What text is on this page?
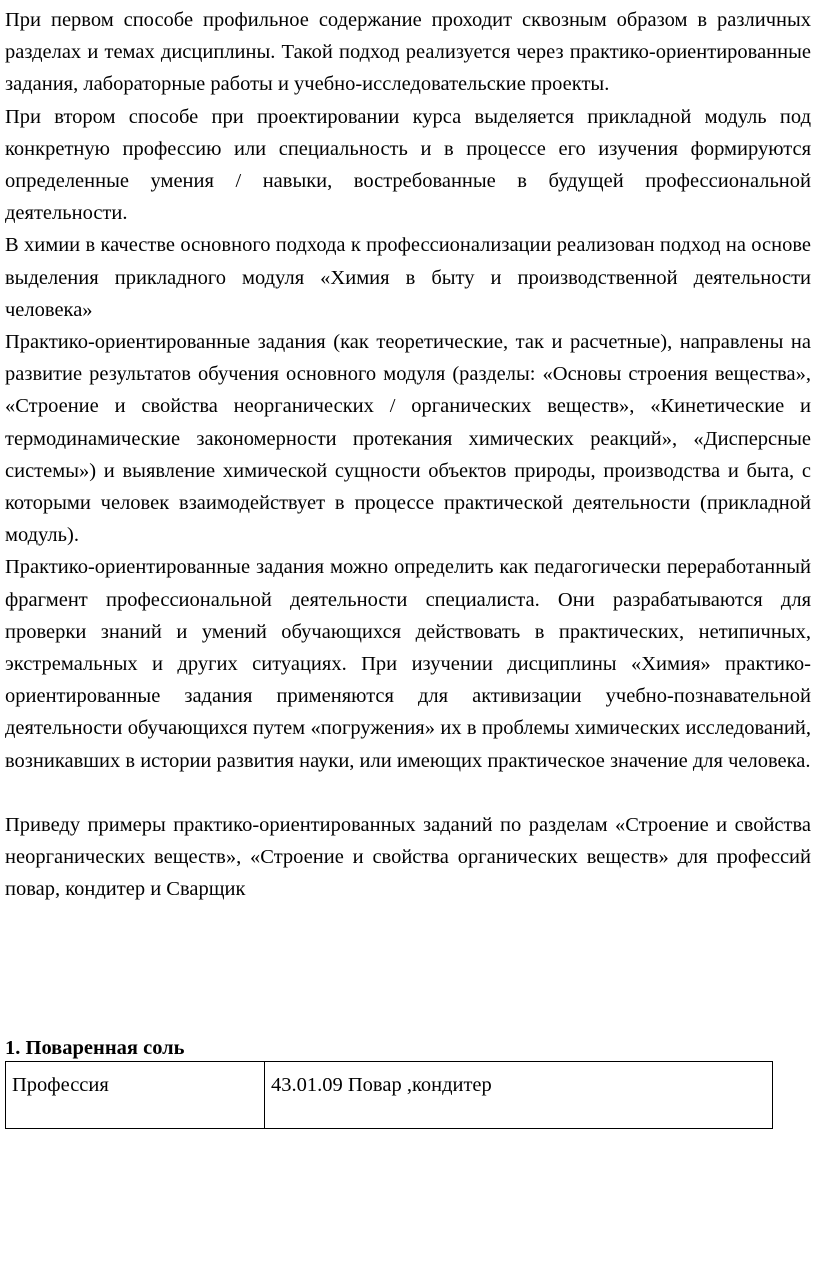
При первом способе профильное содержание проходит сквозным образом в различных разделах и темах дисциплины. Такой подход реализуется через практико-ориентированные задания, лабораторные работы и учебно-исследовательские проекты.

При втором способе при проектировании курса выделяется прикладной модуль под конкретную профессию или специальность и в процессе его изучения формируются определенные умения / навыки, востребованные в будущей профессиональной деятельности.

В химии в качестве основного подхода к профессионализации реализован подход на основе выделения прикладного модуля «Химия в быту и производственной деятельности человека»

Практико-ориентированные задания (как теоретические, так и расчетные), направлены на развитие результатов обучения основного модуля (разделы: «Основы строения вещества», «Строение и свойства неорганических / органических веществ», «Кинетические и термодинамические закономерности протекания химических реакций», «Дисперсные системы») и выявление химической сущности объектов природы, производства и быта, с которыми человек взаимодействует в процессе практической деятельности (прикладной модуль).

Практико-ориентированные задания можно определить как педагогически переработанный фрагмент профессиональной деятельности специалиста. Они разрабатываются для проверки знаний и умений обучающихся действовать в практических, нетипичных, экстремальных и других ситуациях. При изучении дисциплины «Химия» практико-ориентированные задания применяются для активизации учебно-познавательной деятельности обучающихся путем «погружения» их в проблемы химических исследований, возникавших в истории развития науки, или имеющих практическое значение для человека.

Приведу примеры практико-ориентированных заданий по разделам «Строение и свойства неорганических веществ», «Строение и свойства органических веществ» для профессий повар, кондитер и Сварщик

1. Поваренная соль

Профессия	43.01.09 Повар ,кондитер
